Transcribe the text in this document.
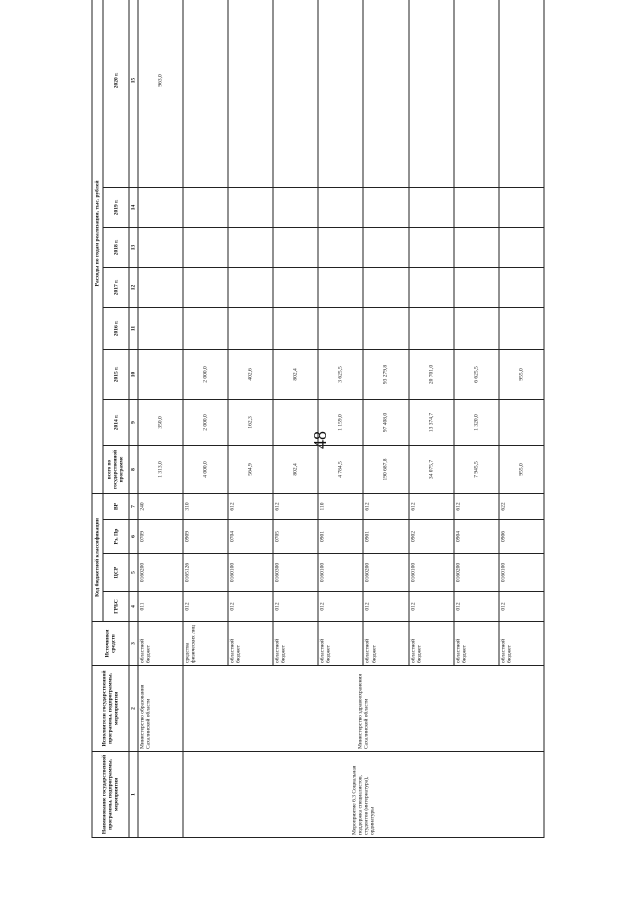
48
Наименование государственной программы, подпрограммы, мероприятия	Исполнители государственной программы, подпрограммы, мероприятия	Источники средств	Код бюджетной классификации				Расходы по годам реализации, тыс. рублей							
			ГРБС	ЦСР	Рз, Пр	ВР	всего по государственной программе	2014 г.	2015 г.	2016 г.	2017 г.	2018 г.	2019 г.	2020 г.
1	2	3	4	5	6	7	8	9	10	11	12	13	14	15
	Министерство образования Сахалинской области	областной бюджет	011	0160200	0709	240	1 313,0	350,0						963,0
Мероприятие 6.3 Социальная поддержка специалистов, студентов (интернатура), ординатуры	Министерство здравоохранения Сахалинской области	средства физических лиц	012	0165126	0909	310	4 000,0	2 000,0	2 000,0					
		областной бюджет	012	0160100	0704	612	564,9	162,3	402,6					
		областной бюджет	012	0160300	0705	612	802,4		802,4					
		областной бюджет	012	0160100	0901	110	4 784,5	1 159,0	3 625,5					
		областной бюджет	012	0160200	0901	612	190 687,8	97 408,0	93 279,8					
		областной бюджет	012	0160100	0902	612	34 075,7	13 374,7	20 701,0					
		областной бюджет	012	0160200	0904	612	7 945,5	1 320,0	6 625,5					
		областной бюджет	012	0160100	0906	622	955,0		955,0					
